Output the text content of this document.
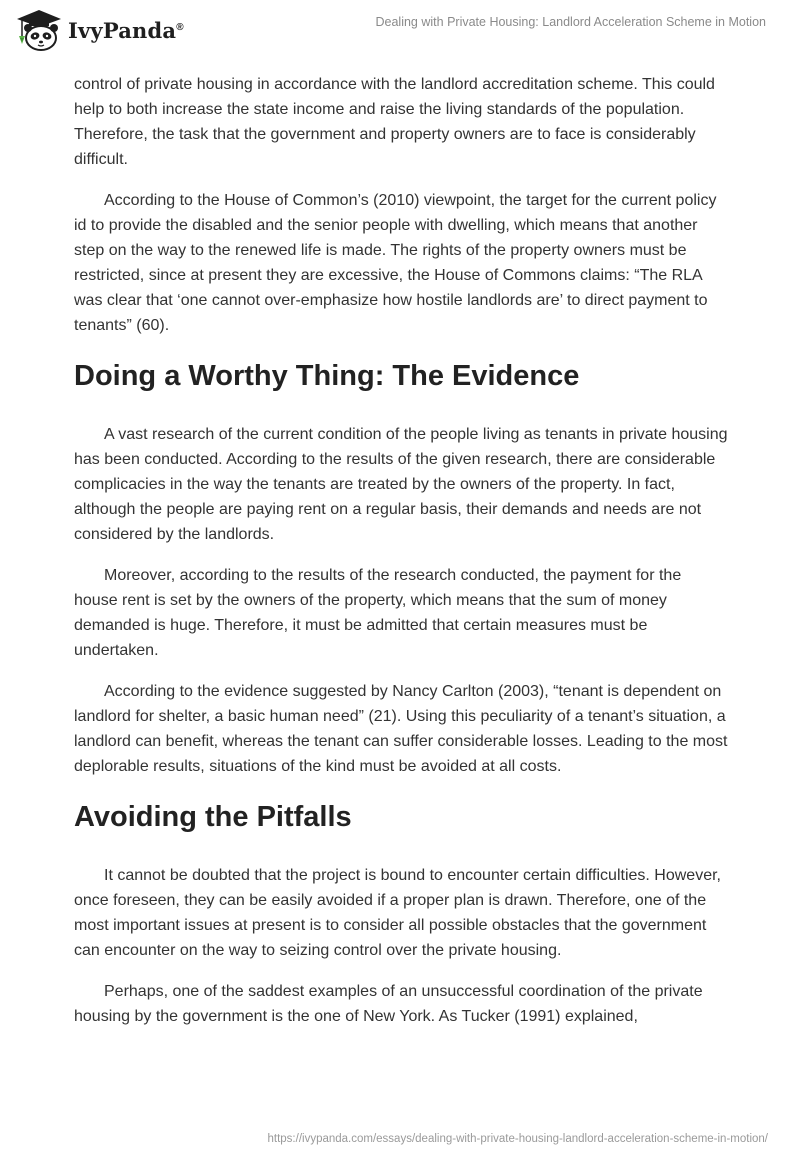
IvyPanda®	Dealing with Private Housing: Landlord Acceleration Scheme in Motion

control of private housing in accordance with the landlord accreditation scheme. This could help to both increase the state income and raise the living standards of the population. Therefore, the task that the government and property owners are to face is considerably difficult.

According to the House of Common’s (2010) viewpoint, the target for the current policy id to provide the disabled and the senior people with dwelling, which means that another step on the way to the renewed life is made. The rights of the property owners must be restricted, since at present they are excessive, the House of Commons claims: “The RLA was clear that ‘one cannot over-emphasize how hostile landlords are’ to direct payment to tenants” (60).

Doing a Worthy Thing: The Evidence

A vast research of the current condition of the people living as tenants in private housing has been conducted. According to the results of the given research, there are considerable complicacies in the way the tenants are treated by the owners of the property. In fact, although the people are paying rent on a regular basis, their demands and needs are not considered by the landlords.

Moreover, according to the results of the research conducted, the payment for the house rent is set by the owners of the property, which means that the sum of money demanded is huge. Therefore, it must be admitted that certain measures must be undertaken.

According to the evidence suggested by Nancy Carlton (2003), “tenant is dependent on landlord for shelter, a basic human need” (21). Using this peculiarity of a tenant’s situation, a landlord can benefit, whereas the tenant can suffer considerable losses. Leading to the most deplorable results, situations of the kind must be avoided at all costs.

Avoiding the Pitfalls

It cannot be doubted that the project is bound to encounter certain difficulties. However, once foreseen, they can be easily avoided if a proper plan is drawn. Therefore, one of the most important issues at present is to consider all possible obstacles that the government can encounter on the way to seizing control over the private housing.

Perhaps, one of the saddest examples of an unsuccessful coordination of the private housing by the government is the one of New York. As Tucker (1991) explained,

https://ivypanda.com/essays/dealing-with-private-housing-landlord-acceleration-scheme-in-motion/
